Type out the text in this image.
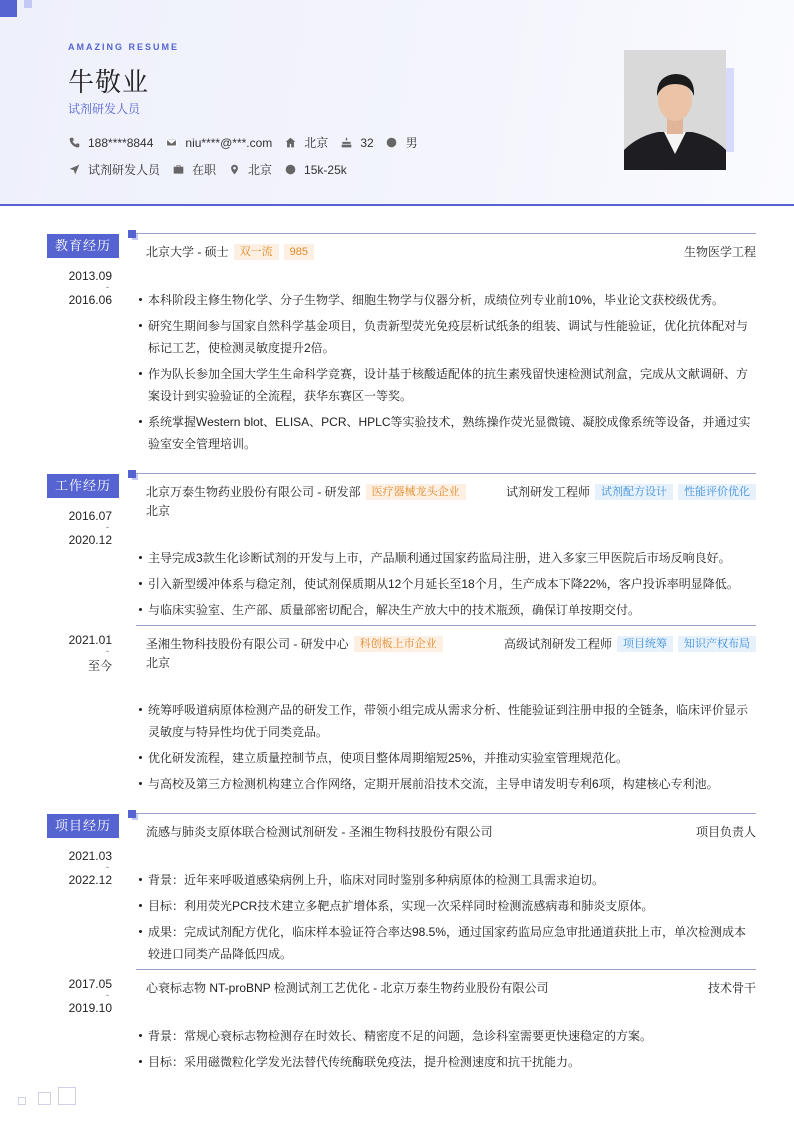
AMAZING RESUME
牛敬业
试剂研发人员
188****8844	niu****@***.com	北京	32	男
试剂研发人员	在职	北京	15k-25k
教育经历	北京大学 - 硕士	双一流	985	生物医学工程
2013.09
-
2016.06	本科阶段主修生物化学、分子生物学、细胞生物学与仪器分析，成绩位列专业前10%，毕业论文获校级优秀。
研究生期间参与国家自然科学基金项目，负责新型荧光免疫层析试纸条的组装、调试与性能验证，优化抗体配对与标记工艺，使检测灵敏度提升2倍。
作为队长参加全国大学生生命科学竞赛，设计基于核酸适配体的抗生素残留快速检测试剂盒，完成从文献调研、方案设计到实验验证的全流程，获华东赛区一等奖。
系统掌握Western blot、ELISA、PCR、HPLC等实验技术，熟练操作荧光显微镜、凝胶成像系统等设备，并通过实验室安全管理培训。
工作经历	北京万泰生物药业股份有限公司 - 研发部	医疗器械龙头企业	试剂研发工程师	试剂配方设计	性能评价优化
北京
2016.07
-
2020.12
主导完成3款生化诊断试剂的开发与上市，产品顺利通过国家药监局注册，进入多家三甲医院后市场反响良好。
引入新型缓冲体系与稳定剂，使试剂保质期从12个月延长至18个月，生产成本下降22%，客户投诉率明显降低。
与临床实验室、生产部、质量部密切配合，解决生产放大中的技术瓶颈，确保订单按期交付。
圣湘生物科技股份有限公司 - 研发中心	科创板上市企业	高级试剂研发工程师	项目统筹	知识产权布局
北京
2021.01
-
至今
统筹呼吸道病原体检测产品的研发工作，带领小组完成从需求分析、性能验证到注册申报的全链条，临床评价显示灵敏度与特异性均优于同类竞品。
优化研发流程，建立质量控制节点，使项目整体周期缩短25%，并推动实验室管理规范化。
与高校及第三方检测机构建立合作网络，定期开展前沿技术交流，主导申请发明专利6项，构建核心专利池。
项目经历	流感与肺炎支原体联合检测试剂研发 - 圣湘生物科技股份有限公司	项目负责人
2021.03
-
2022.12	背景：近年来呼吸道感染病例上升，临床对同时鉴别多种病原体的检测工具需求迫切。
目标：利用荧光PCR技术建立多靶点扩增体系，实现一次采样同时检测流感病毒和肺炎支原体。
成果：完成试剂配方优化，临床样本验证符合率达98.5%，通过国家药监局应急审批通道获批上市，单次检测成本较进口同类产品降低四成。
心衰标志物 NT-proBNP 检测试剂工艺优化 - 北京万泰生物药业股份有限公司	技术骨干
2017.05
-
2019.10
背景：常规心衰标志物检测存在时效长、精密度不足的问题，急诊科室需要更快速稳定的方案。
目标：采用磁微粒化学发光法替代传统酶联免疫法，提升检测速度和抗干扰能力。
